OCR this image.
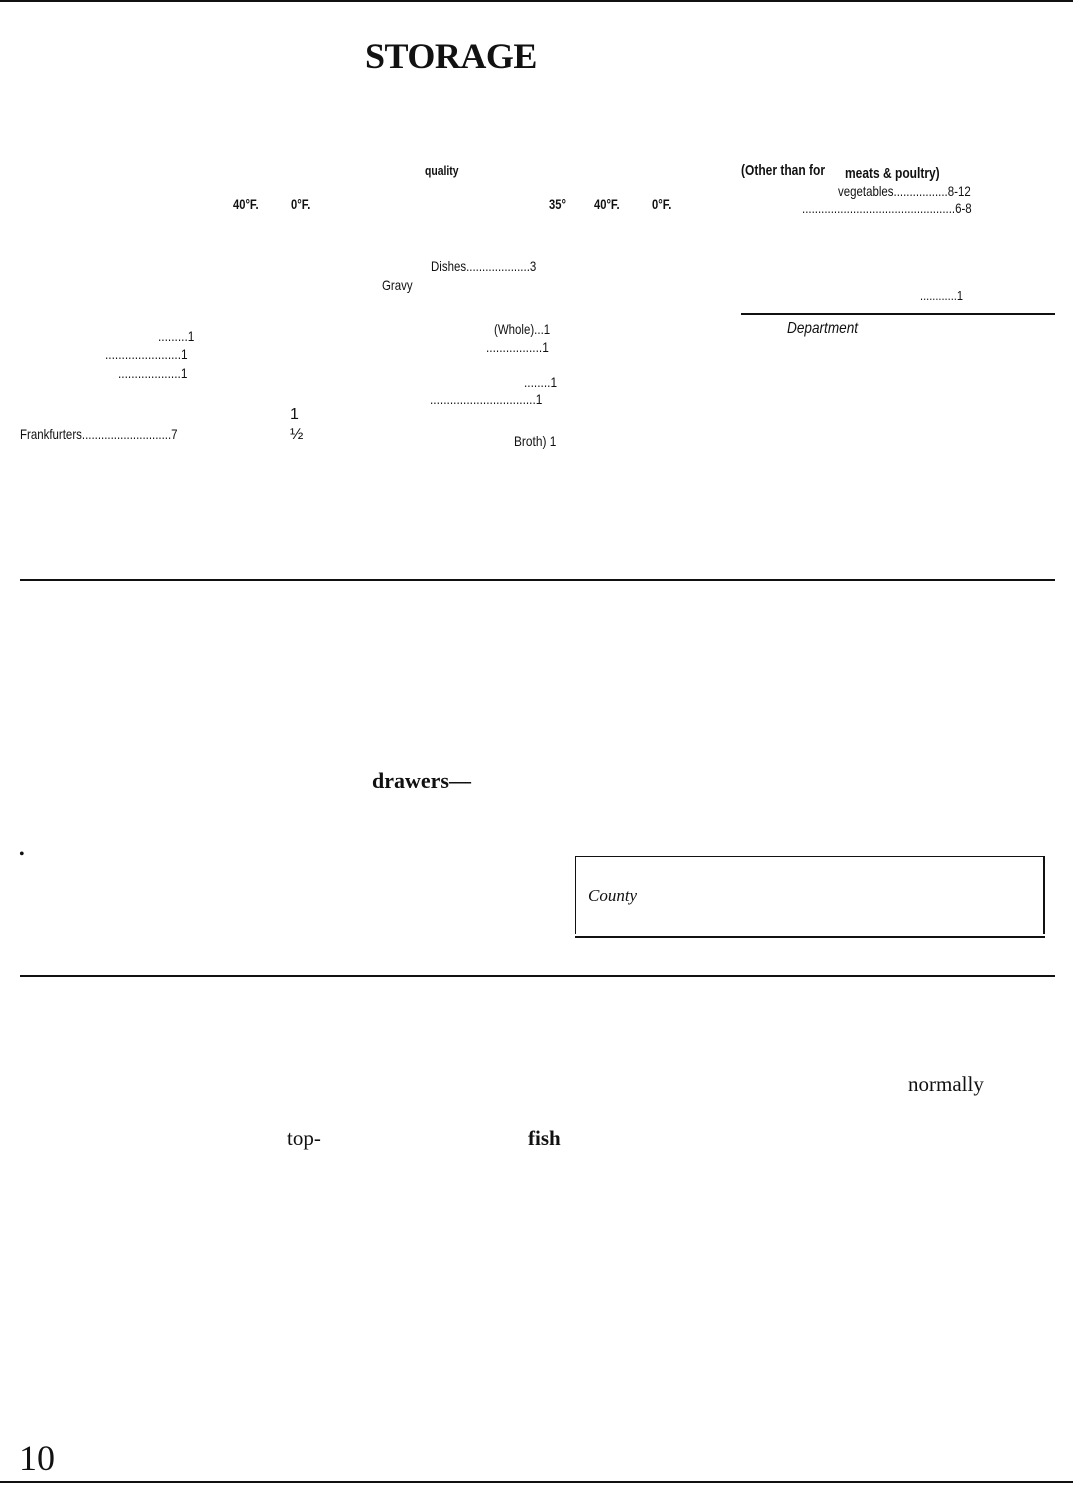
STORAGE
quality
40°F. 0°F.	35° 40°F. 0°F.
(Other than for meats & poultry)
vegetables.................8-12
................................................6-8
Dishes....................3
Gravy
............1
Department
.........1
.......................1
...................1
(Whole)...1
.................1
........1
................................1
1
½
Frankfurters............................7	Broth) 1
drawers—
•
County
normally
top-	fish
10
